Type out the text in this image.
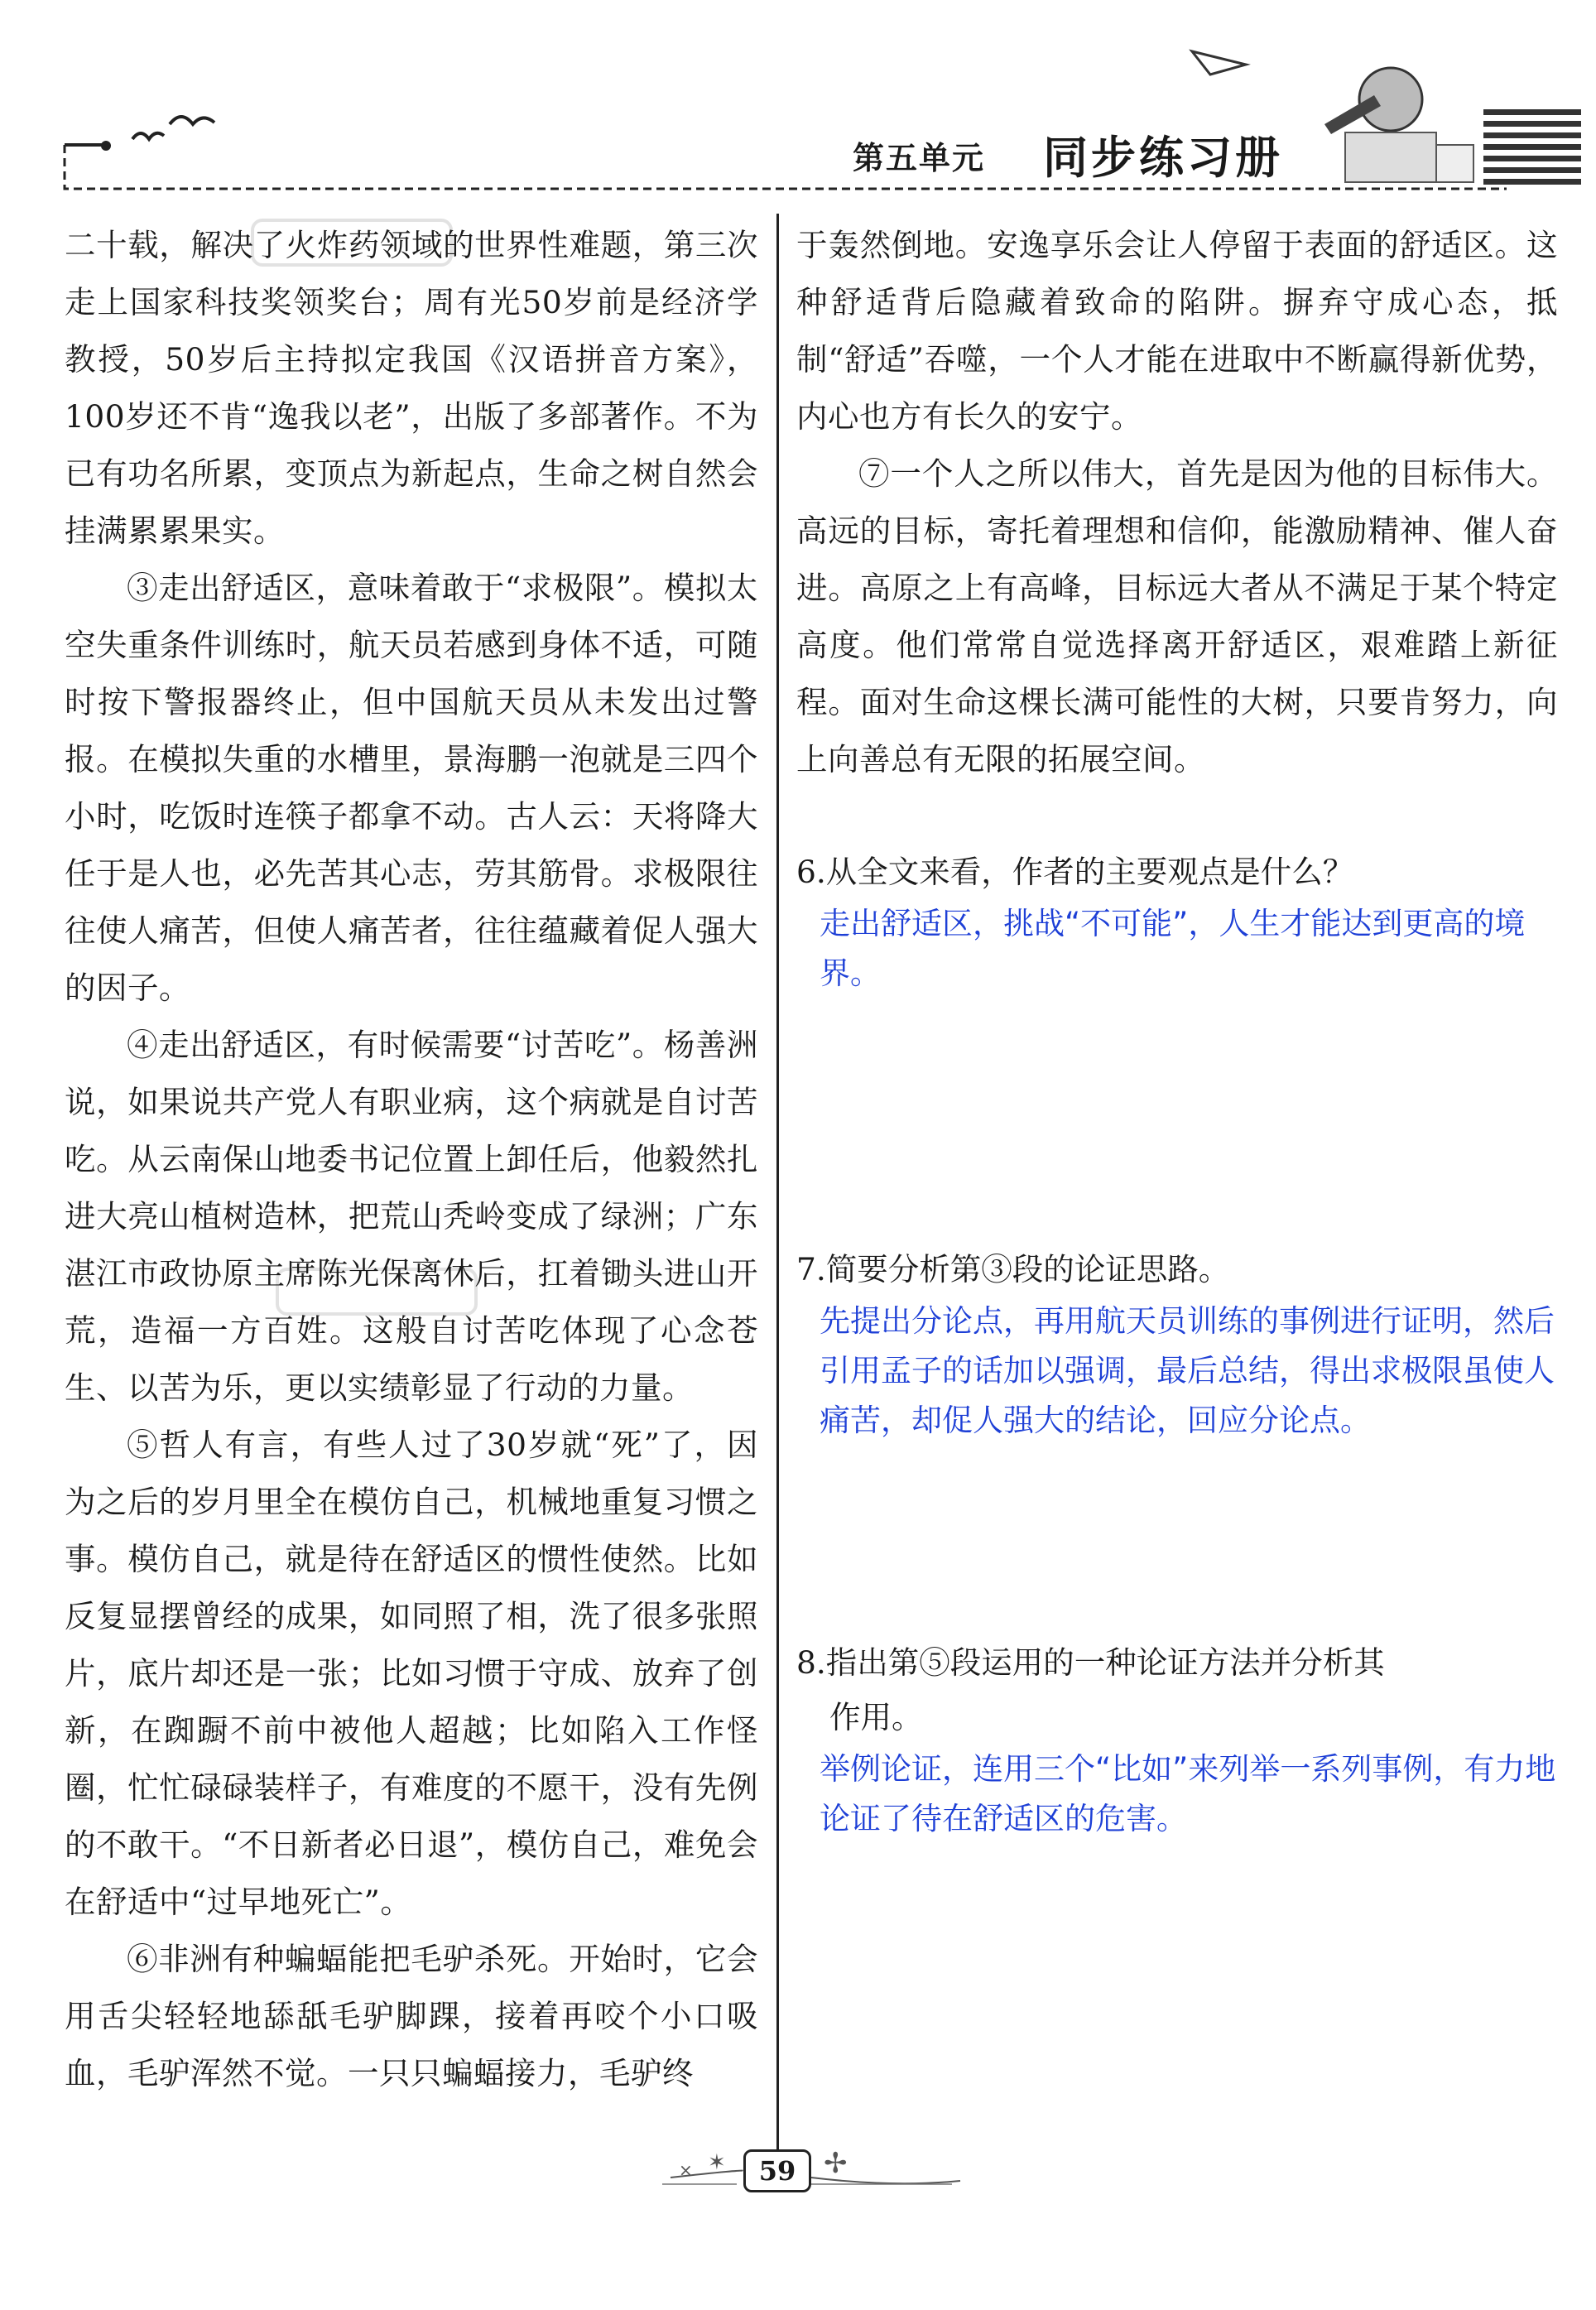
第五单元 同步练习册

二十载，解决了火炸药领域的世界性难题，第三次走上国家科技奖领奖台；周有光50岁前是经济学教授，50岁后主持拟定我国《汉语拼音方案》，100岁还不肯“逸我以老”，出版了多部著作。不为已有功名所累，变顶点为新起点，生命之树自然会挂满累累果实。

③走出舒适区，意味着敢于“求极限”。模拟太空失重条件训练时，航天员若感到身体不适，可随时按下警报器终止，但中国航天员从未发出过警报。在模拟失重的水槽里，景海鹏一泡就是三四个小时，吃饭时连筷子都拿不动。古人云：天将降大任于是人也，必先苦其心志，劳其筋骨。求极限往往使人痛苦，但使人痛苦者，往往蕴藏着促人强大的因子。

④走出舒适区，有时候需要“讨苦吃”。杨善洲说，如果说共产党人有职业病，这个病就是自讨苦吃。从云南保山地委书记位置上卸任后，他毅然扎进大亮山植树造林，把荒山秃岭变成了绿洲；广东湛江市政协原主席陈光保离休后，扛着锄头进山开荒，造福一方百姓。这般自讨苦吃体现了心念苍生、以苦为乐，更以实绩彰显了行动的力量。

⑤哲人有言，有些人过了30岁就“死”了，因为之后的岁月里全在模仿自己，机械地重复习惯之事。模仿自己，就是待在舒适区的惯性使然。比如反复显摆曾经的成果，如同照了相，洗了很多张照片，底片却还是一张；比如习惯于守成、放弃了创新，在踟蹰不前中被他人超越；比如陷入工作怪圈，忙忙碌碌装样子，有难度的不愿干，没有先例的不敢干。“不日新者必日退”，模仿自己，难免会在舒适中“过早地死亡”。

⑥非洲有种蝙蝠能把毛驴杀死。开始时，它会用舌尖轻轻地舔舐毛驴脚踝，接着再咬个小口吸血，毛驴浑然不觉。一只只蝙蝠接力，毛驴终

于轰然倒地。安逸享乐会让人停留于表面的舒适区。这种舒适背后隐藏着致命的陷阱。摒弃守成心态，抵制“舒适”吞噬，一个人才能在进取中不断赢得新优势，内心也方有长久的安宁。

⑦一个人之所以伟大，首先是因为他的目标伟大。高远的目标，寄托着理想和信仰，能激励精神、催人奋进。高原之上有高峰，目标远大者从不满足于某个特定高度。他们常常自觉选择离开舒适区，艰难踏上新征程。面对生命这棵长满可能性的大树，只要肯努力，向上向善总有无限的拓展空间。

6.从全文来看，作者的主要观点是什么？

走出舒适区，挑战“不可能”，人生才能达到更高的境界。

7.简要分析第③段的论证思路。

先提出分论点，再用航天员训练的事例进行证明，然后引用孟子的话加以强调，最后总结，得出求极限虽使人痛苦，却促人强大的结论，回应分论点。

8.指出第⑤段运用的一种论证方法并分析其

作用。

举例论证，连用三个“比如”来列举一系列事例，有力地论证了待在舒适区的危害。

× ✶	✢
59
